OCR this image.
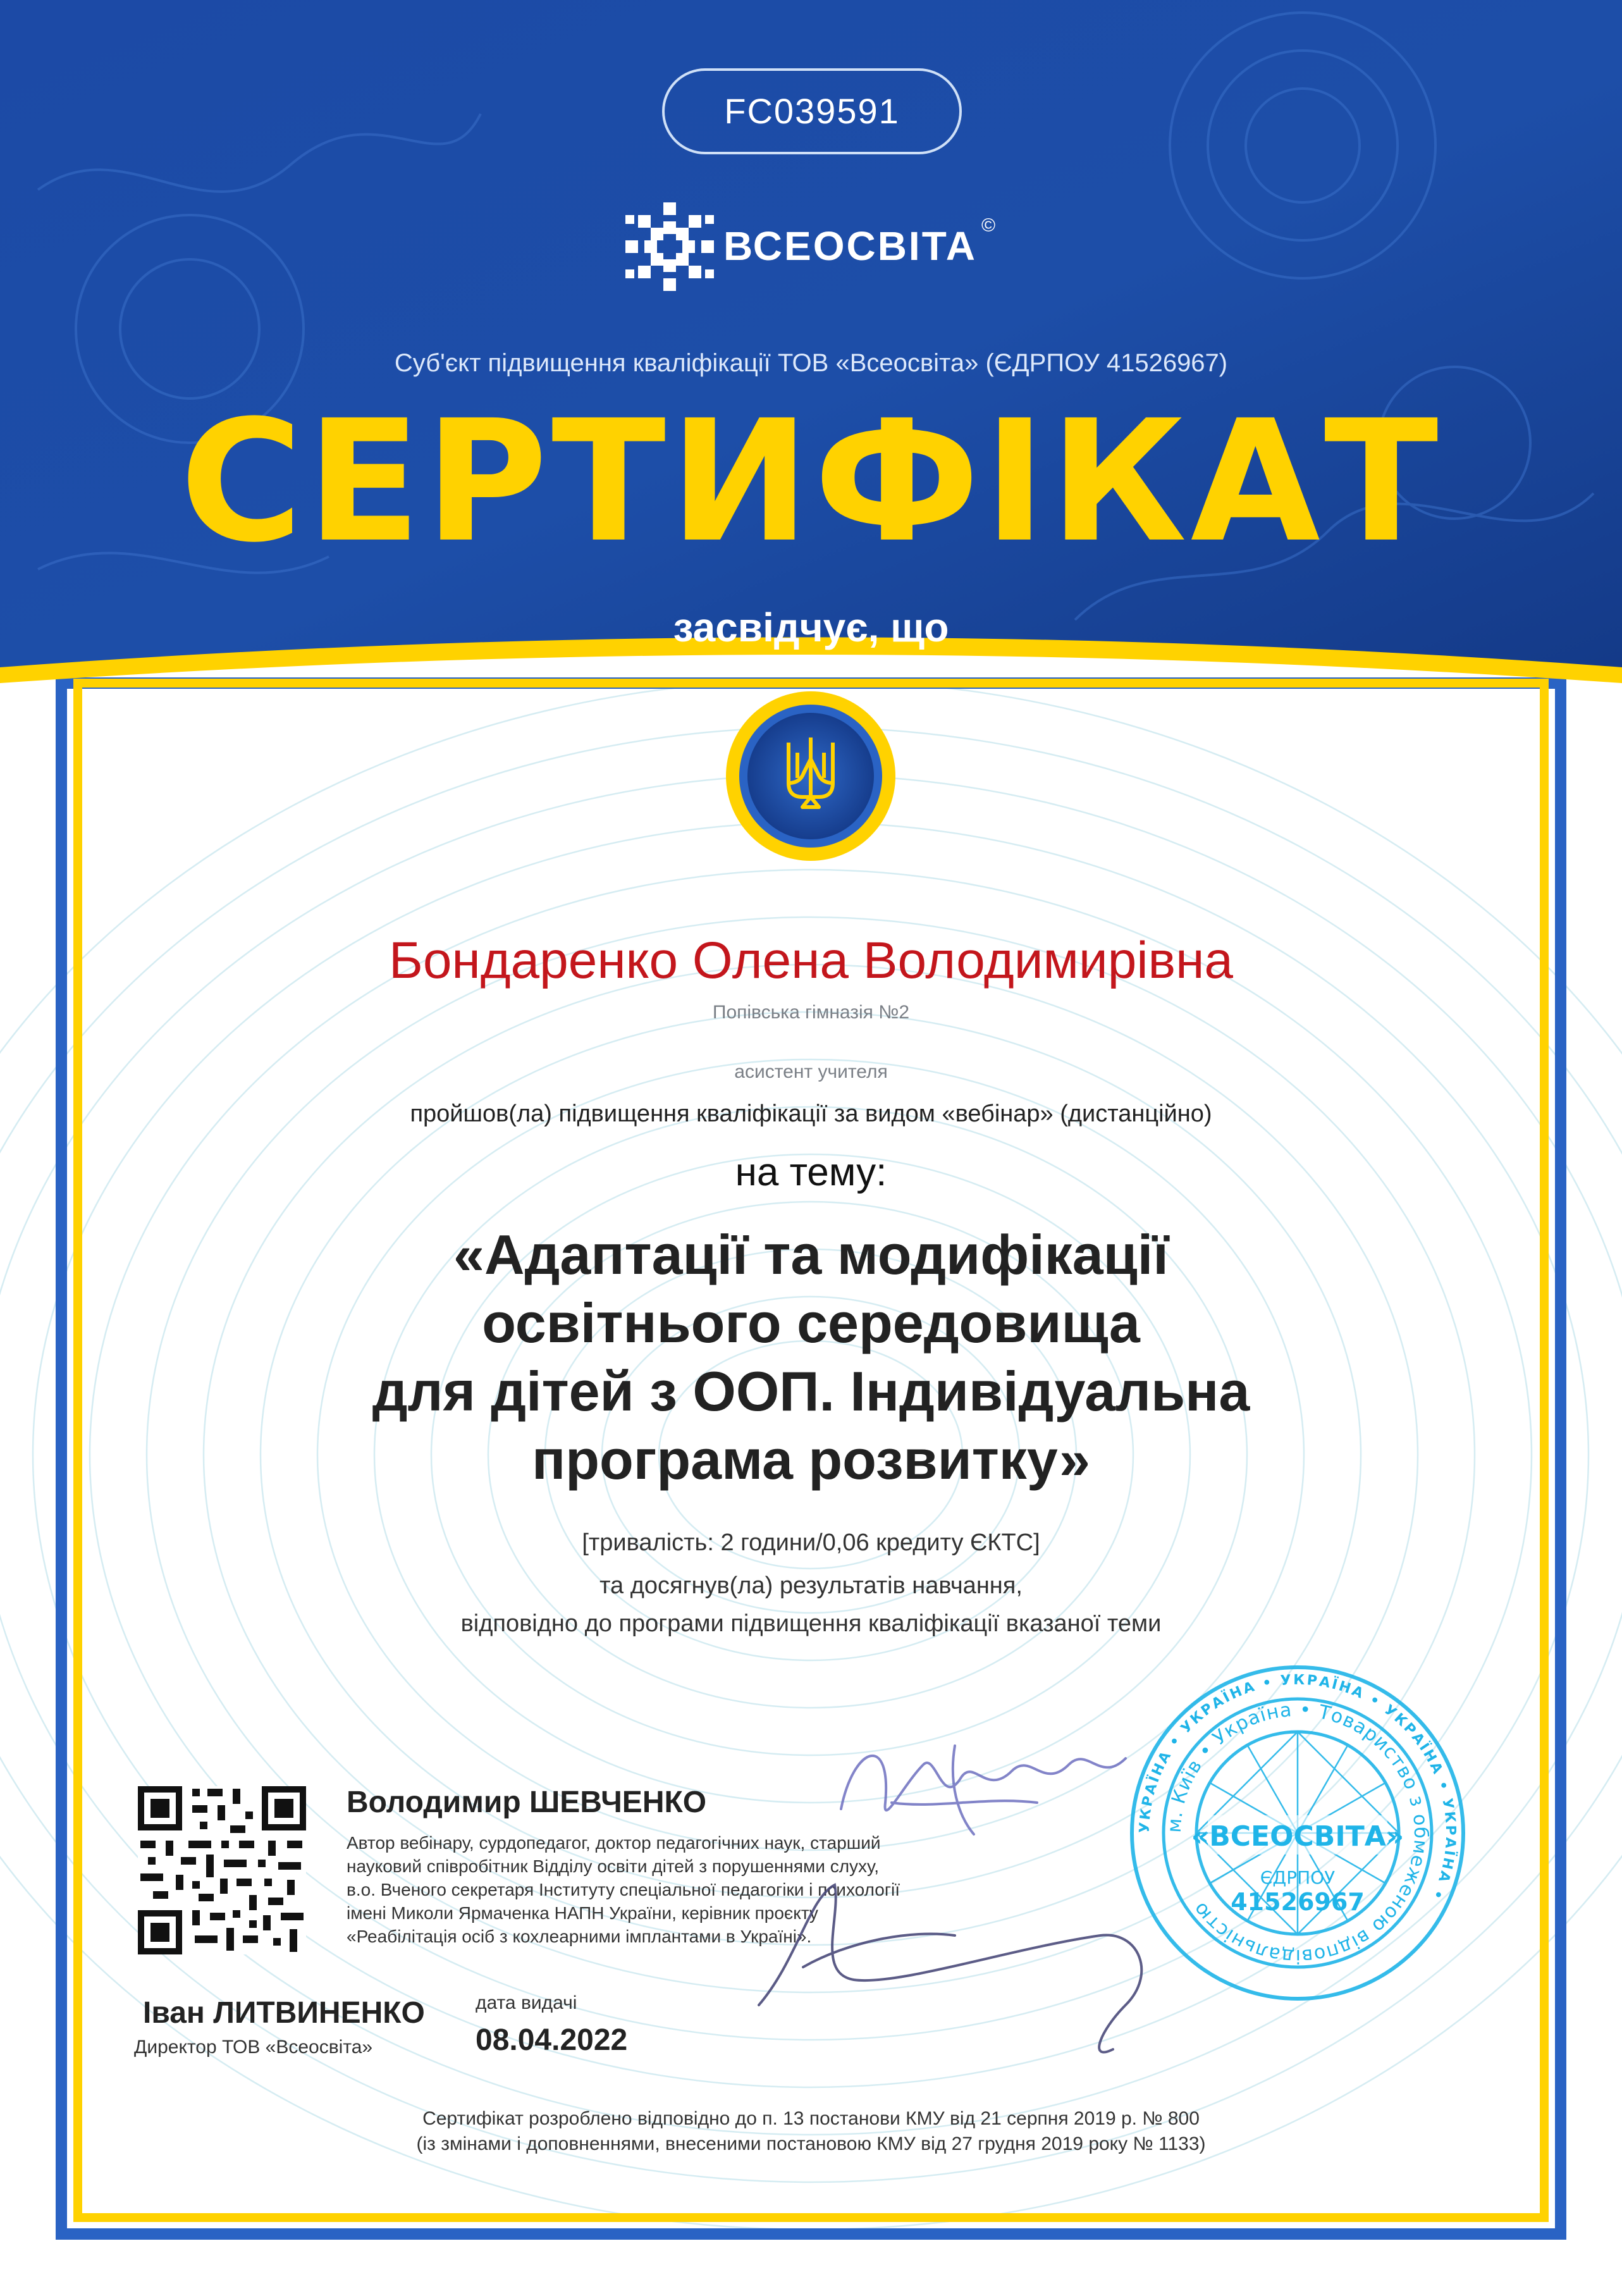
FC039591
ВСЕОСВІТА ©

Суб'єкт підвищення кваліфікації ТОВ «Всеосвіта» (ЄДРПОУ 41526967)

СЕРТИФІКАТ

засвідчує, що

Бондаренко Олена Володимирівна

Попівська гімназія №2

асистент учителя

пройшов(ла) підвищення кваліфікації за видом «вебінар» (дистанційно)

на тему:

«Адаптації та модифікації
освітнього середовища
для дітей з ООП. Індивідуальна
програма розвитку»

[тривалість: 2 години/0,06 кредиту ЄКТС]

та досягнув(ла) результатів навчання,

відповідно до програми підвищення кваліфікації вказаної теми

Володимир ШЕВЧЕНКО

Автор вебінару, сурдопедагог, доктор педагогічних наук, старший
науковий співробітник Відділу освіти дітей з порушеннями слуху,
в.о. Вченого секретаря Інституту спеціальної педагогіки і психології
імені Миколи Ярмаченка НАПН України, керівник проєкту
«Реабілітація осіб з кохлеарними імплантами в Україні».

Іван ЛИТВИНЕНКО
Директор ТОВ «Всеосвіта»
дата видачі
08.04.2022
УКРАЇНА • УКРАЇНА • УКРАЇНА • УКРАЇНА • УКРАЇНА •
м. Київ • Україна • Товариство з обмеженою відповідальністю
«ВСЕОСВІТА»
ЄДРПОУ
41526967

Сертифікат розроблено відповідно до п. 13 постанови КМУ від 21 серпня 2019 р. № 800

(із змінами і доповненнями, внесеними постановою КМУ від 27 грудня 2019 року № 1133)
